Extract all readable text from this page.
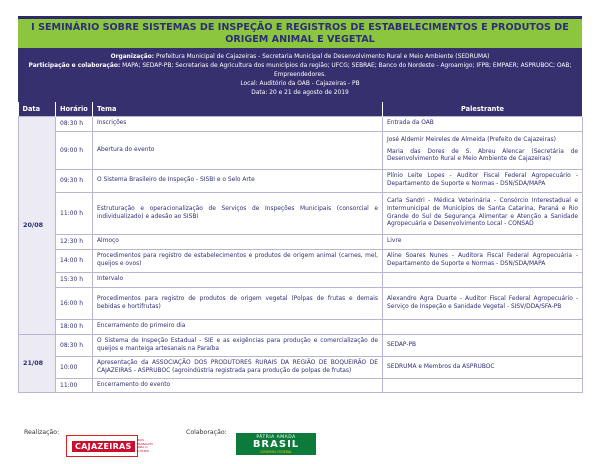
I SEMINÁRIO SOBRE SISTEMAS DE INSPEÇÃO E REGISTROS DE ESTABELECIMENTOS E PRODUTOS DE ORIGEM ANIMAL E VEGETAL
Organização: Prefeitura Municipal de Cajazeiras - Secretaria Municipal de Desenvolvimento Rural e Meio Ambiente (SEDRUMA)
Participação e colaboração: MAPA; SEDAP-PB; Secretarias de Agricultura dos municípios da região; UFCG; SEBRAE; Banco do Nordeste - Agroamigo; IFPB; EMPAER; ASPRUBOC; OAB; Empreendedores.
Local: Auditório da OAB - Cajazeiras - PB
Data: 20 e 21 de agosto de 2019
Data	Horário	Tema	Palestrante
20/08	08:30 h	Inscrições	Entrada da OAB
	09:00 h	Abertura do evento	José Aldemir Meireles de Almeida (Prefeito de Cajazeiras)
Maria das Dores de S. Abreu Alencar (Secretária de Desenvolvimento Rural e Meio Ambiente de Cajazeiras)

	09:30 h	O Sistema Brasileiro de Inspeção - SISBI e o Selo Arte	Plínio Leite Lopes - Auditor Fiscal Federal Agropecuário - Departamento de Suporte e Normas - DSN/SDA/MAPA
	11:00 h	Estruturação e operacionalização de Serviços de Inspeções Municipais (consorcial e individualizado) e adesão ao SISBI	Carla Sandri - Médica Veterinária - Consórcio Interestadual e Intermunicipal de Municípios de Santa Catarina, Paraná e Rio Grande do Sul de Segurança Alimentar e Atenção a Sanidade Agropecuária e Desenvolvimento Local - CONSAD
	12:30 h	Almoço	Livre
	14:00 h	Procedimentos para registro de estabelecimentos e produtos de origem animal (carnes, mel, queijos e ovos)	Aline Soares Nunes - Auditora Fiscal Federal Agropecuária - Departamento de Suporte e Normas - DSN/SDA/MAPA
	15:30 h	Intervalo	
	16:00 h	Procedimentos para registro de produtos de origem vegetal (Polpas de frutas e demais bebidas e hortifrutas)	Alexandre Agra Duarte - Auditor Fiscal Federal Agropecuário - Serviço de Inspeção e Sanidade Vegetal - SISV/DDA/SFA-PB
	18:00 h	Encerramento do primeiro dia	
21/08	08:30 h	O Sistema de Inspeção Estadual - SIE e as exigências para produção e comercialização de queijos e manteiga artesanais na Paraíba	SEDAP-PB
	10:00	Apresentação da ASSOCIAÇÃO DOS PRODUTORES RURAIS DA REGIÃO DE BOQUEIRÃO DE CAJAZEIRAS - ASPRUBOC (agroindústria registrada para produção de polpas de frutas)	SEDRUMA e Membros da ASPRUBOC
	11:00	Encerramento do evento	
Realização:
CAJAZEIRAS
MAIS TRABALHO PARA O FUTURO
Colaboração:
PÁTRIA AMADA
BRASIL
GOVERNO FEDERAL
